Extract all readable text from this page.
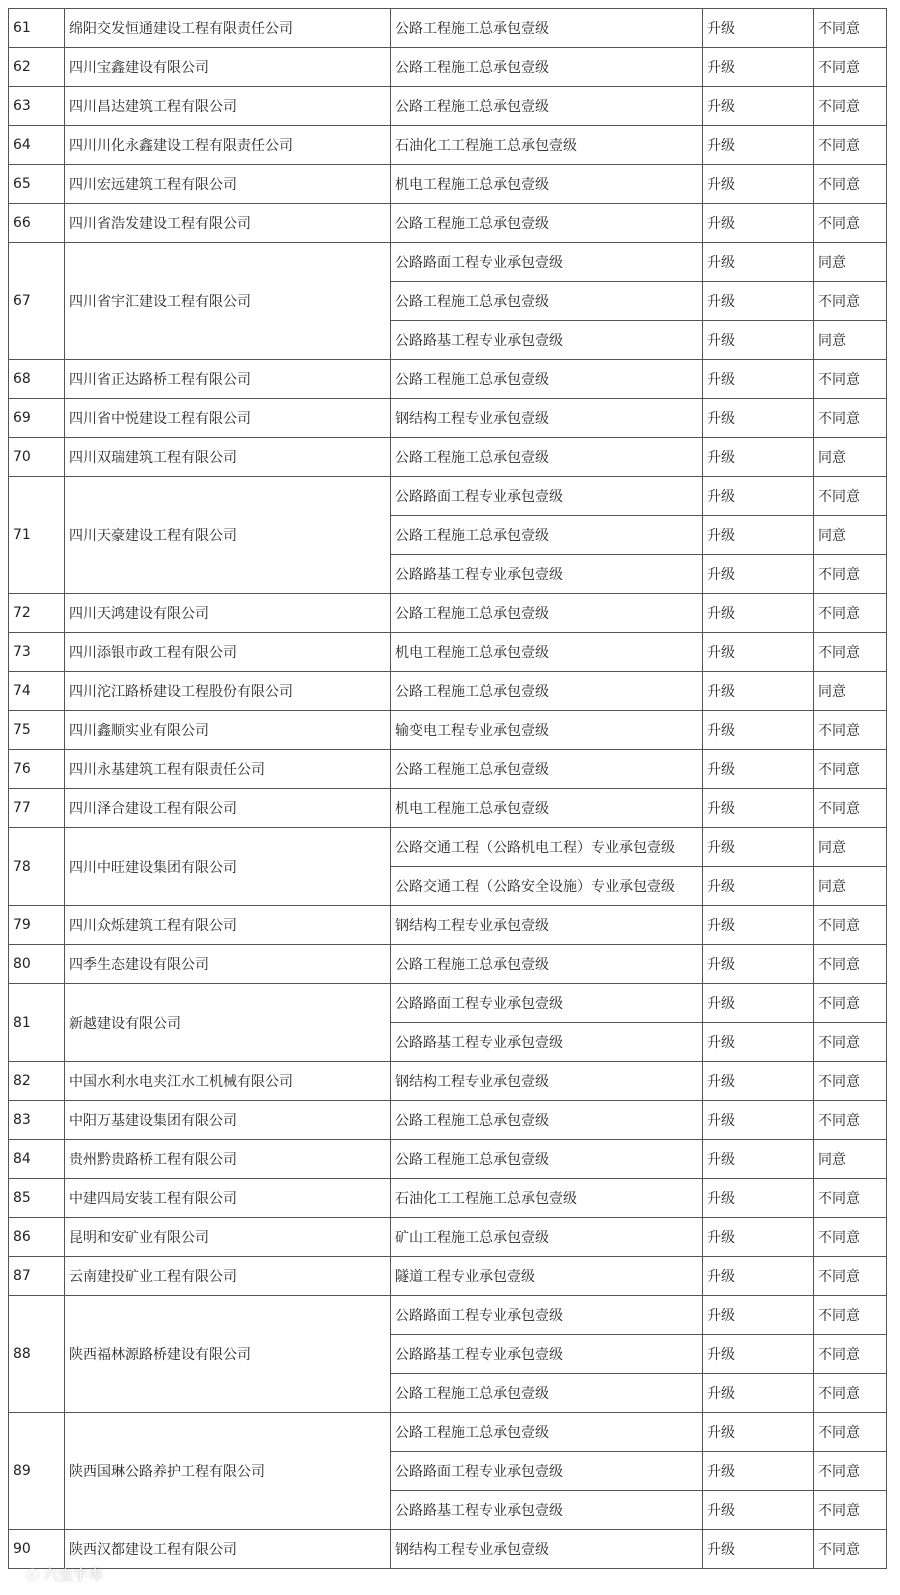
61	绵阳交发恒通建设工程有限责任公司	公路工程施工总承包壹级	升级	不同意
62	四川宝鑫建设有限公司	公路工程施工总承包壹级	升级	不同意
63	四川昌达建筑工程有限公司	公路工程施工总承包壹级	升级	不同意
64	四川川化永鑫建设工程有限责任公司	石油化工工程施工总承包壹级	升级	不同意
65	四川宏远建筑工程有限公司	机电工程施工总承包壹级	升级	不同意
66	四川省浩发建设工程有限公司	公路工程施工总承包壹级	升级	不同意
67	四川省宇汇建设工程有限公司	公路路面工程专业承包壹级	升级	同意
		公路工程施工总承包壹级	升级	不同意
		公路路基工程专业承包壹级	升级	同意
68	四川省正达路桥工程有限公司	公路工程施工总承包壹级	升级	不同意
69	四川省中悦建设工程有限公司	钢结构工程专业承包壹级	升级	不同意
70	四川双瑞建筑工程有限公司	公路工程施工总承包壹级	升级	同意
71	四川天豪建设工程有限公司	公路路面工程专业承包壹级	升级	不同意
		公路工程施工总承包壹级	升级	同意
		公路路基工程专业承包壹级	升级	不同意
72	四川天鸿建设有限公司	公路工程施工总承包壹级	升级	不同意
73	四川添银市政工程有限公司	机电工程施工总承包壹级	升级	不同意
74	四川沱江路桥建设工程股份有限公司	公路工程施工总承包壹级	升级	同意
75	四川鑫顺实业有限公司	输变电工程专业承包壹级	升级	不同意
76	四川永基建筑工程有限责任公司	公路工程施工总承包壹级	升级	不同意
77	四川泽合建设工程有限公司	机电工程施工总承包壹级	升级	不同意
78	四川中旺建设集团有限公司	公路交通工程（公路机电工程）专业承包壹级	升级	同意
		公路交通工程（公路安全设施）专业承包壹级	升级	同意
79	四川众烁建筑工程有限公司	钢结构工程专业承包壹级	升级	不同意
80	四季生态建设有限公司	公路工程施工总承包壹级	升级	不同意
81	新越建设有限公司	公路路面工程专业承包壹级	升级	不同意
		公路路基工程专业承包壹级	升级	不同意
82	中国水利水电夹江水工机械有限公司	钢结构工程专业承包壹级	升级	不同意
83	中阳万基建设集团有限公司	公路工程施工总承包壹级	升级	不同意
84	贵州黔贵路桥工程有限公司	公路工程施工总承包壹级	升级	同意
85	中建四局安装工程有限公司	石油化工工程施工总承包壹级	升级	不同意
86	昆明和安矿业有限公司	矿山工程施工总承包壹级	升级	不同意
87	云南建投矿业工程有限公司	隧道工程专业承包壹级	升级	不同意
88	陕西福林源路桥建设有限公司	公路路面工程专业承包壹级	升级	不同意
		公路路基工程专业承包壹级	升级	不同意
		公路工程施工总承包壹级	升级	不同意
89	陕西国琳公路养护工程有限公司	公路工程施工总承包壹级	升级	不同意
		公路路面工程专业承包壹级	升级	不同意
		公路路基工程专业承包壹级	升级	不同意
90	陕西汉都建设工程有限公司	钢结构工程专业承包壹级	升级	不同意
ⓒ 六虫宇卑
